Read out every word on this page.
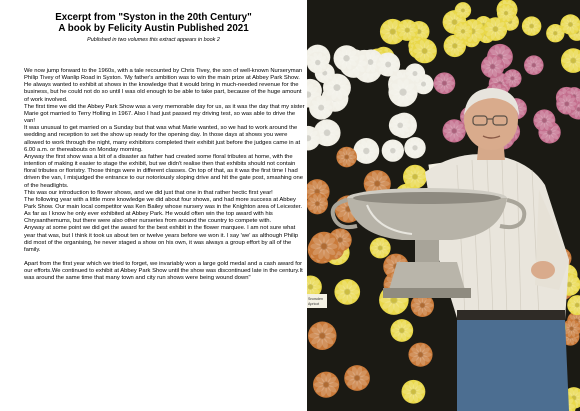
Excerpt from "Syston in the 20th Century"
A book by Felicity Austin Published 2021
Published in two volumes this extract appears in book 2

We now jump forward to the 1960s, with a tale recounted by Chris Tivey, the son of well-known Nurseryman Philip Tivey of Wanlip Road in Syston. 'My father's ambition was to win the main prize at Abbey Park Show. He always wanted to exhibit at shows in the knowledge that it would bring in much-needed revenue for the business, but he could not do so until I was old enough to be able to take part, because of the huge amount of work involved.

The first time we did the Abbey Park Show was a very memorable day for us, as it was the day that my sister Marie got married to Terry Holling in 1967. Also I had just passed my driving test, so was able to drive the van!

It was unusual to get married on a Sunday but that was what Marie wanted, so we had to work around the wedding and reception to set the show up ready for the opening day. In those days at shows you were allowed to work through the night, many exhibitors completed their exhibit just before the judges came in at 6.00 a.m. or thereabouts on Monday morning.

Anyway the first show was a bit of a disaster as father had created some floral tributes at home, with the intention of making it easier to stage the exhibit, but we didn't realise then that exhibits should not contain floral tributes or floristry. Those things were in different classes. On top of that, as it was the first time I had driven the van, I misjudged the entrance to our notoriously sloping drive and hit the gate post, smashing one of the headlights.

This was our introduction to flower shows, and we did just that one in that rather hectic first year!

The following year with a little more knowledge we did about four shows, and had more success at Abbey Park Show. Our main local competitor was Ken Bailey whose nursery was in the Knighton area of Leicester. As far as I know he only ever exhibited at Abbey Park. He would often win the top award with his Chrysanthemums, but there were also other nurseries from around the country to compete with.

Anyway at some point we did get the award for the best exhibit in the flower marquee. I am not sure what year that was, but I think it took us about ten or twelve years before we won it. I say 'we' as although Philip did most of the organising, he never staged a show on his own, it was always a group effort by all of the family.

Apart from the first year which we tried to forget, we invariably won a large gold medal and a cash award for our efforts.We continued to exhibit at Abbey Park Show until the show was discontinued late in the century.It was around the same time that many town and city run shows were being wound down"

Snowden
Apricot
